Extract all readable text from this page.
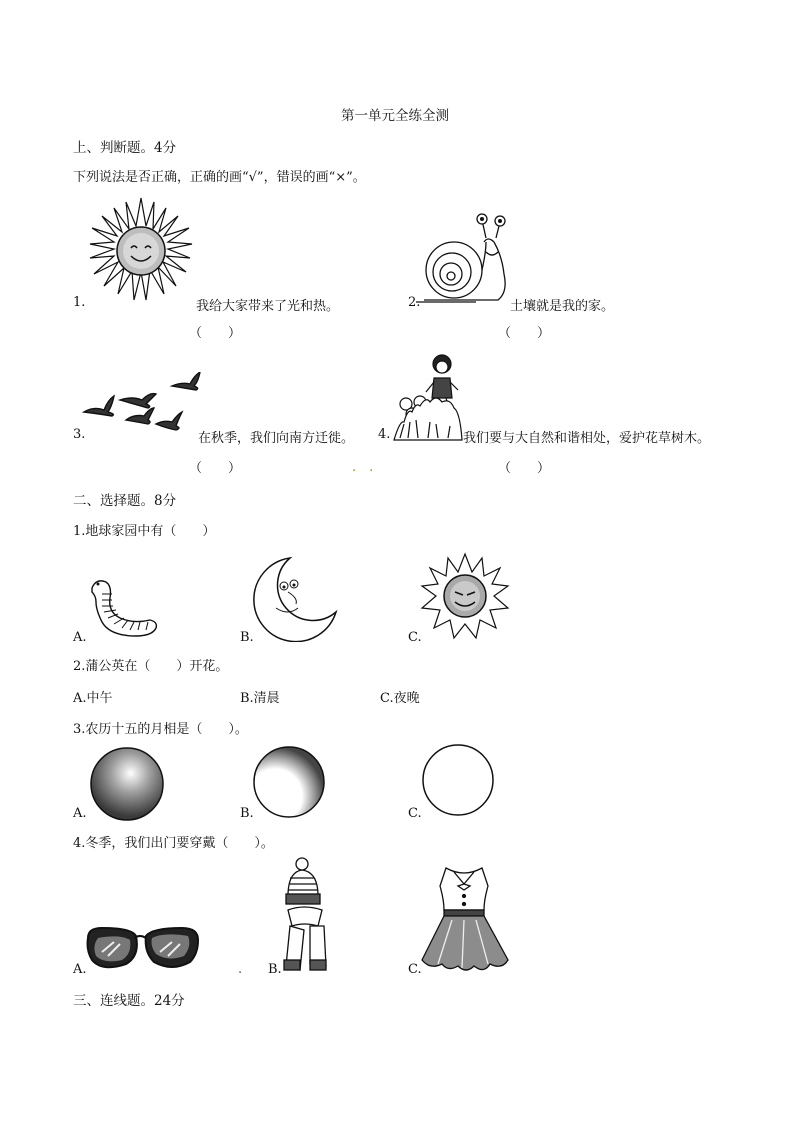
第一单元全练全测
上、判断题。4分
下列说法是否正确，正确的画“√”，错误的画“×”。
1.	我给大家带来了光和热。
（　　）
2.	土壤就是我的家。
（　　）
3.	在秋季，我们向南方迁徙。
（　　）
4.	我们要与大自然和谐相处，爱护花草树木。
（　　）
.　.
二、选择题。8分
1.地球家园中有（　　）
A.	B.	C.
2.蒲公英在（　　）开花。
A.中午	B.清晨	C.夜晚
3.农历十五的月相是（　　）。
A.	B.	C.
4.冬季，我们出门要穿戴（　　）。
A.	. B.	C.
三、连线题。24分
